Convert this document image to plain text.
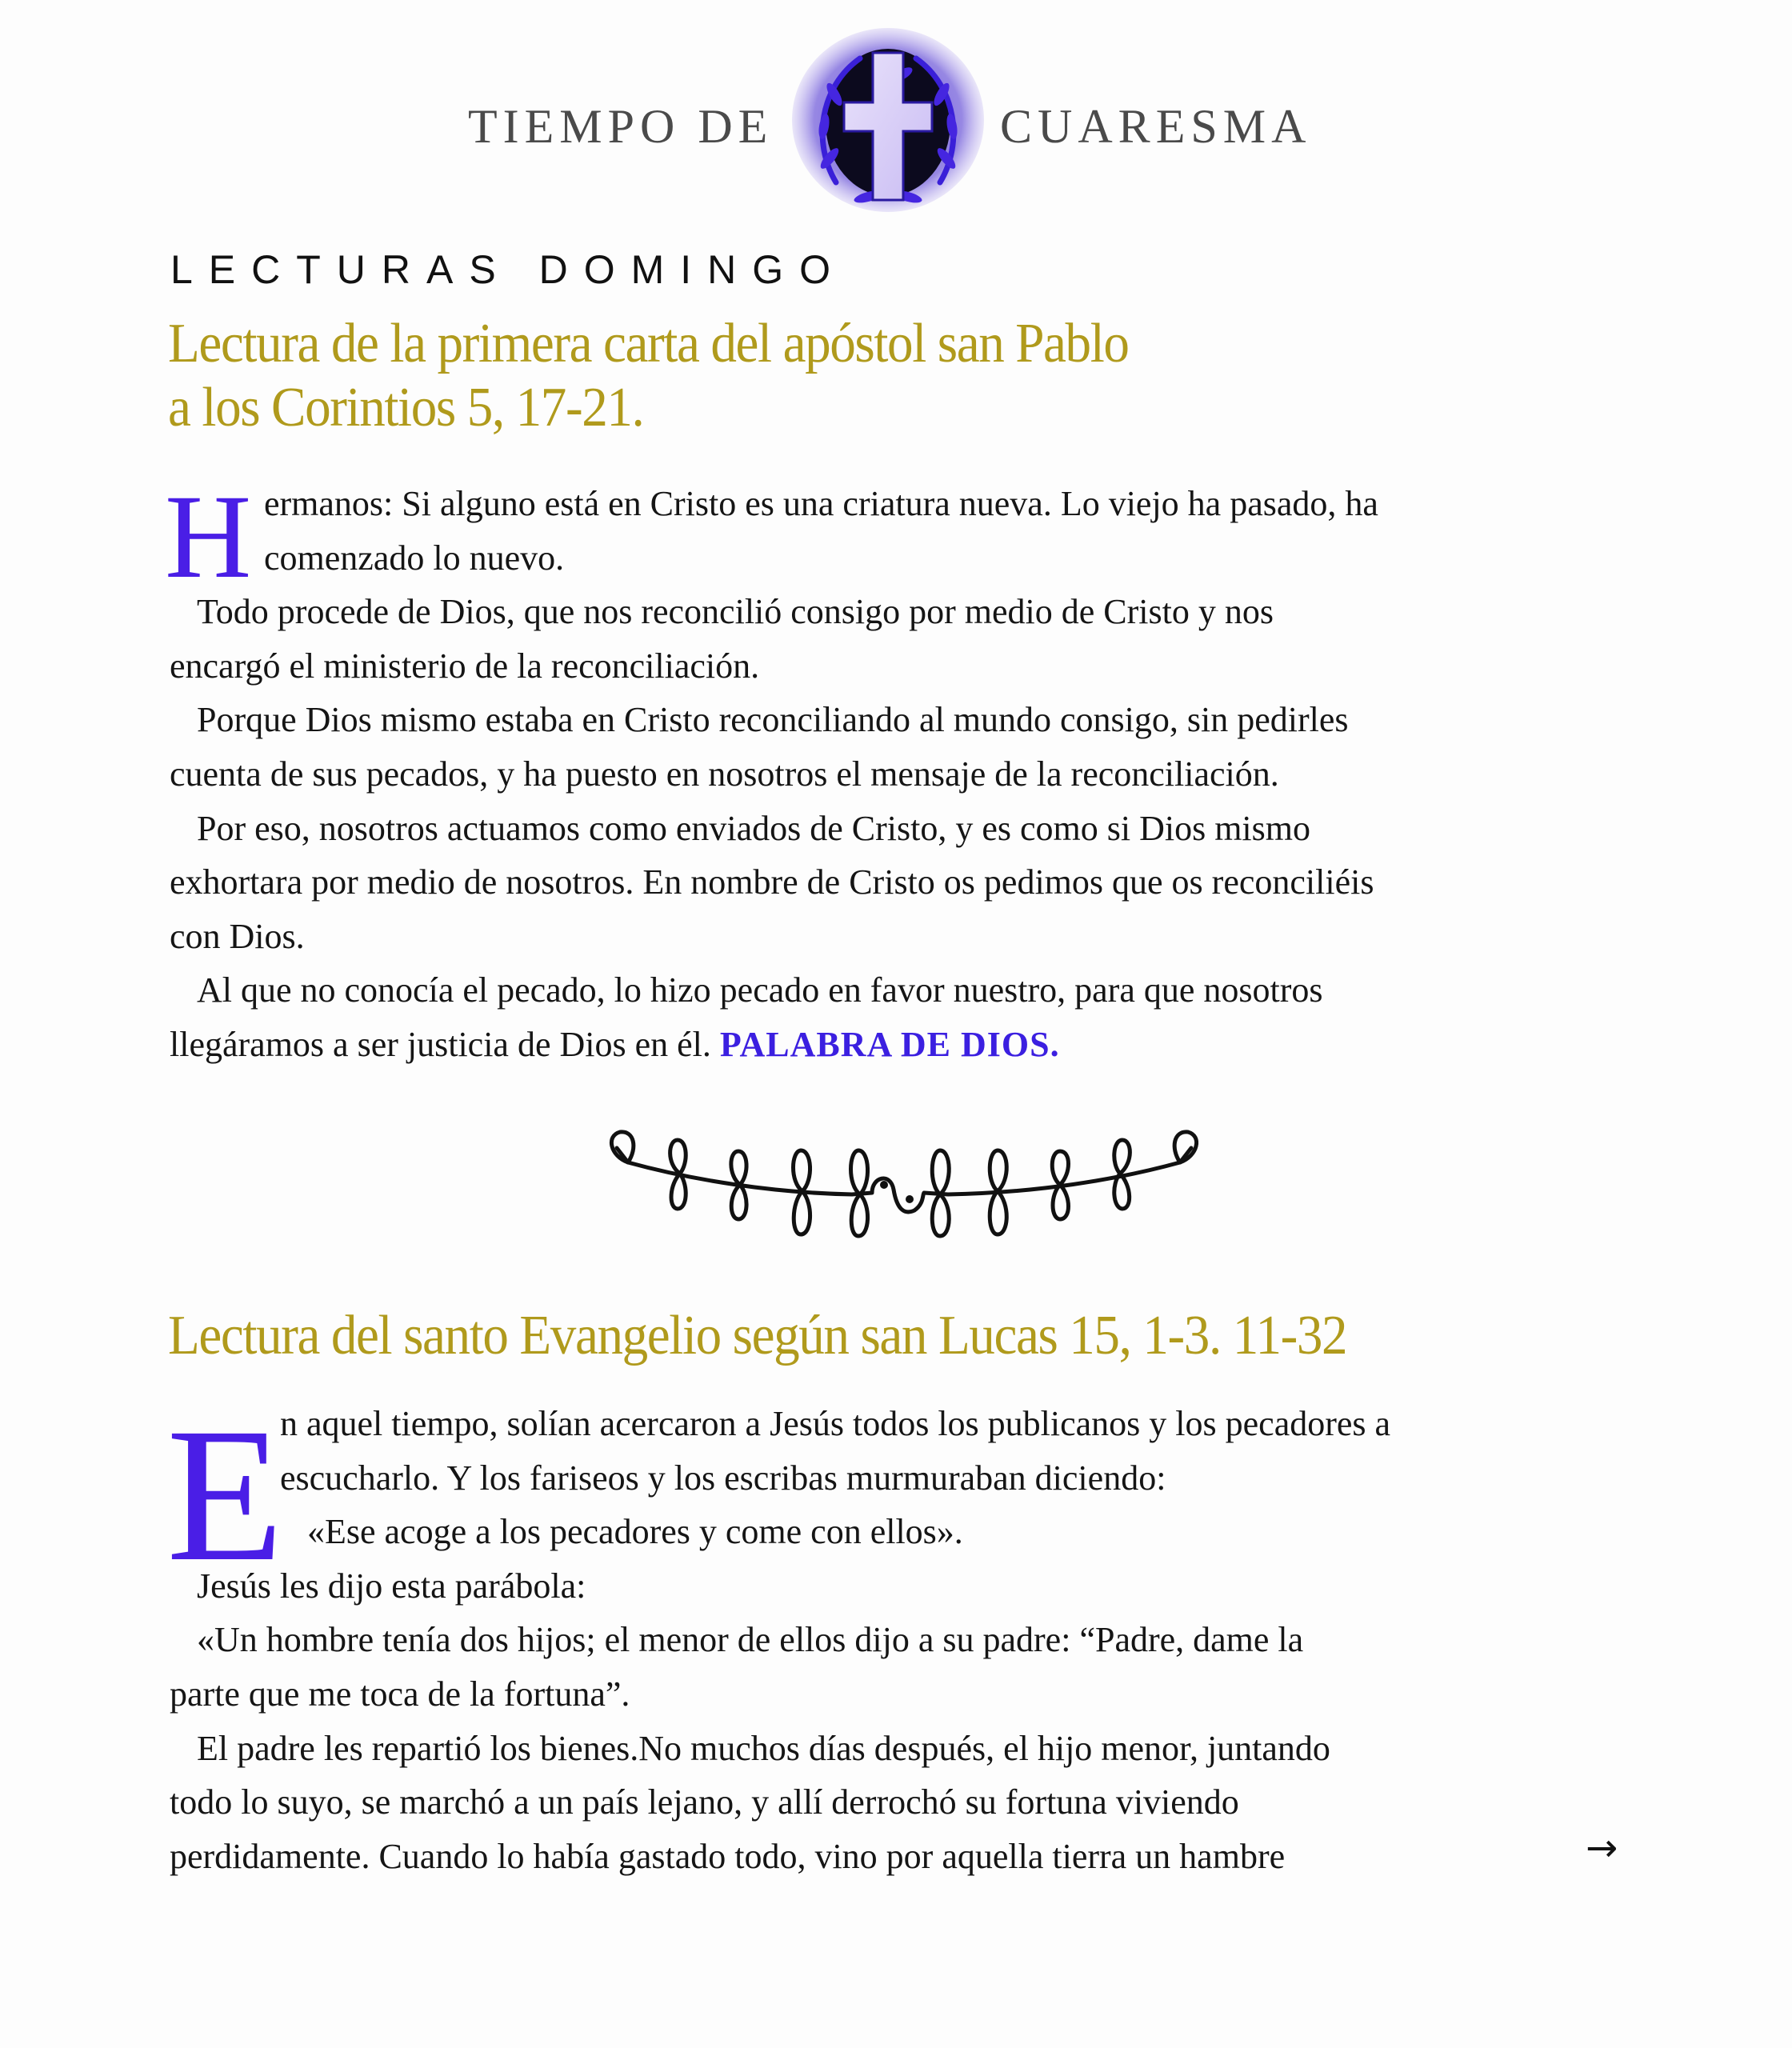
TIEMPO DE	CUARESMA
LECTURAS DOMINGO
Lectura de la primera carta del apóstol san Pablo
a los Corintios 5, 17-21.
H ermanos: Si alguno está en Cristo es una criatura nueva. Lo viejo ha pasado, ha
comenzado lo nuevo.
Todo procede de Dios, que nos reconcilió consigo por medio de Cristo y nos
encargó el ministerio de la reconciliación.
Porque Dios mismo estaba en Cristo reconciliando al mundo consigo, sin pedirles
cuenta de sus pecados, y ha puesto en nosotros el mensaje de la reconciliación.
Por eso, nosotros actuamos como enviados de Cristo, y es como si Dios mismo
exhortara por medio de nosotros. En nombre de Cristo os pedimos que os reconciliéis
con Dios.
Al que no conocía el pecado, lo hizo pecado en favor nuestro, para que nosotros
llegáramos a ser justicia de Dios en él. PALABRA DE DIOS.
Lectura del santo Evangelio según san Lucas 15, 1-3. 11-32
E
n aquel tiempo, solían acercaron a Jesús todos los publicanos y los pecadores a
escucharlo. Y los fariseos y los escribas murmuraban diciendo:
«Ese acoge a los pecadores y come con ellos».
Jesús les dijo esta parábola:
«Un hombre tenía dos hijos; el menor de ellos dijo a su padre: “Padre, dame la
parte que me toca de la fortuna”.
El padre les repartió los bienes.No muchos días después, el hijo menor, juntando
todo lo suyo, se marchó a un país lejano, y allí derrochó su fortuna viviendo
perdidamente. Cuando lo había gastado todo, vino por aquella tierra un hambre	→
